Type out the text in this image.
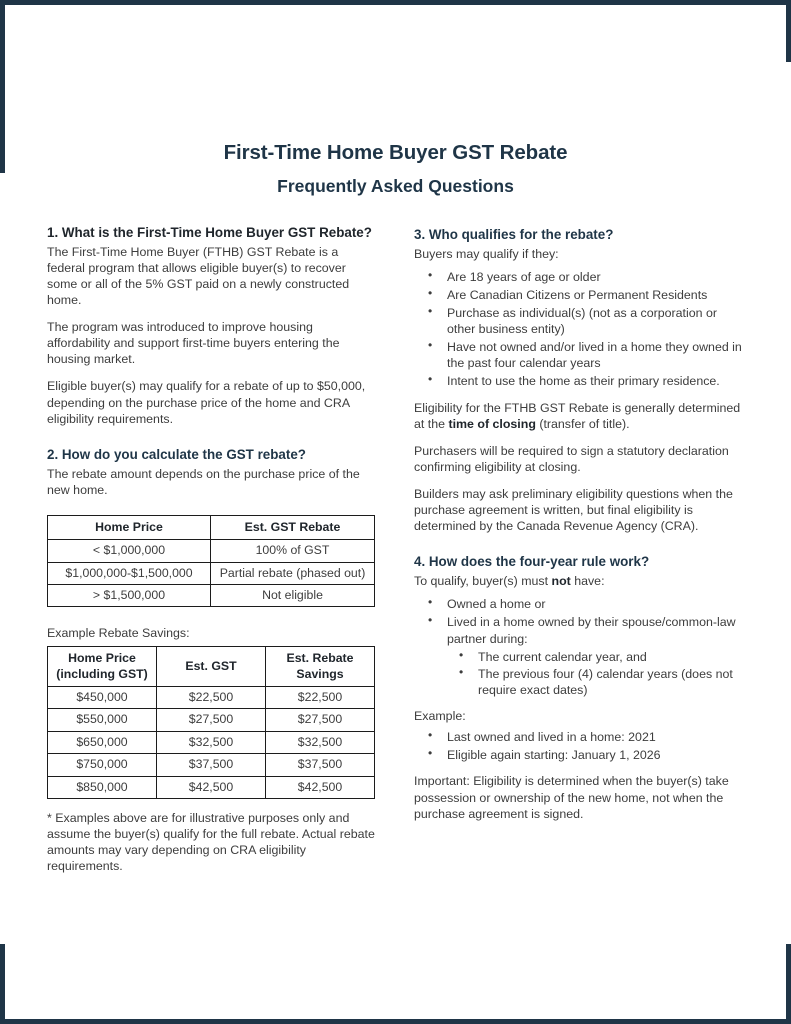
First-Time Home Buyer GST Rebate
Frequently Asked Questions
1. What is the First-Time Home Buyer GST Rebate?

The First-Time Home Buyer (FTHB) GST Rebate is a federal program that allows eligible buyer(s) to recover some or all of the 5% GST paid on a newly constructed home.

The program was introduced to improve housing affordability and support first-time buyers entering the housing market.

Eligible buyer(s) may qualify for a rebate of up to $50,000, depending on the purchase price of the home and CRA eligibility requirements.

2. How do you calculate the GST rebate?

The rebate amount depends on the purchase price of the new home.

Home Price	Est. GST Rebate
< $1,000,000	100% of GST
$1,000,000-$1,500,000	Partial rebate (phased out)
> $1,500,000	Not eligible

Example Rebate Savings:

Home Price
(including GST)	Est. GST	Est. Rebate
Savings
$450,000	$22,500	$22,500
$550,000	$27,500	$27,500
$650,000	$32,500	$32,500
$750,000	$37,500	$37,500
$850,000	$42,500	$42,500

* Examples above are for illustrative purposes only and assume the buyer(s) qualify for the full rebate. Actual rebate amounts may vary depending on CRA eligibility requirements.

3. Who qualifies for the rebate?

Buyers may qualify if they:

• Are 18 years of age or older
• Are Canadian Citizens or Permanent Residents
• Purchase as individual(s) (not as a corporation or other business entity)
• Have not owned and/or lived in a home they owned in the past four calendar years
• Intent to use the home as their primary residence.

Eligibility for the FTHB GST Rebate is generally determined at the time of closing (transfer of title).

Purchasers will be required to sign a statutory declaration confirming eligibility at closing.

Builders may ask preliminary eligibility questions when the purchase agreement is written, but final eligibility is determined by the Canada Revenue Agency (CRA).

4. How does the four-year rule work?

To qualify, buyer(s) must not have:

• Owned a home or
• Lived in a home owned by their spouse/common-law partner during:
• The current calendar year, and
• The previous four (4) calendar years (does not require exact dates)

Example:

• Last owned and lived in a home: 2021
• Eligible again starting: January 1, 2026

Important: Eligibility is determined when the buyer(s) take possession or ownership of the new home, not when the purchase agreement is signed.
